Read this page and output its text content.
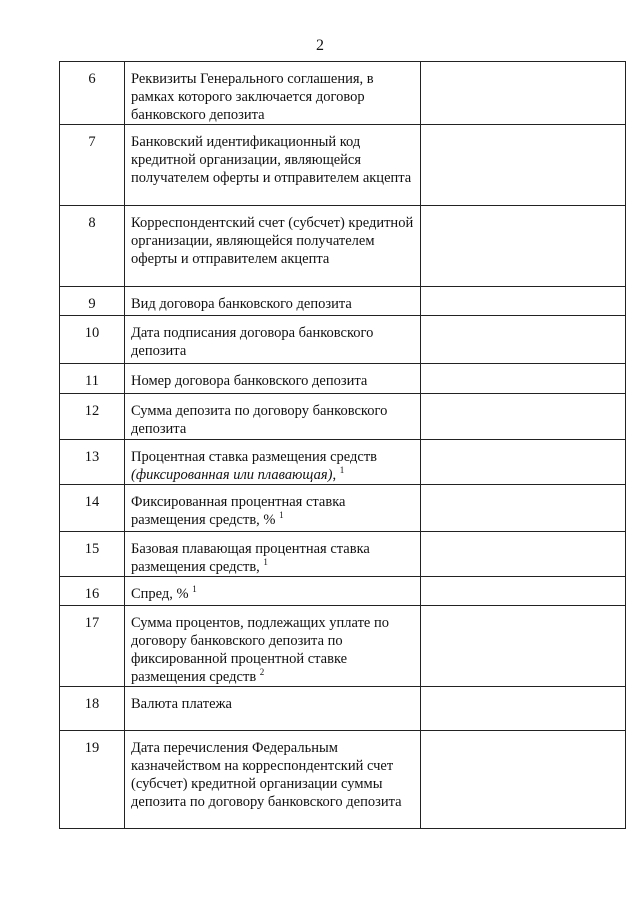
2
6	Реквизиты Генерального соглашения, в рамках которого заключается договор банковского депозита	

7	Банковский идентификационный код кредитной организации, являющейся получателем оферты и отправителем акцепта	

8	Корреспондентский счет (субсчет) кредитной организации, являющейся получателем оферты и отправителем акцепта	

9	Вид договора банковского депозита	

10	Дата подписания договора банковского депозита	

11	Номер договора банковского депозита	

12	Сумма депозита по договору банковского депозита	

13	Процентная ставка размещения средств (фиксированная или плавающая), $^1$	
14	Фиксированная процентная ставка размещения средств, % $^1$	
15	Базовая плавающая процентная ставка размещения средств, $^1$	
16	Спред, % $^1$	
17	Сумма процентов, подлежащих уплате по договору банковского депозита по фиксированной процентной ставке размещения средств $^2$	
18	Валюта платежа	

19	Дата перечисления Федеральным казначейством на корреспондентский счет (субсчет) кредитной организации суммы депозита по договору банковского депозита	
